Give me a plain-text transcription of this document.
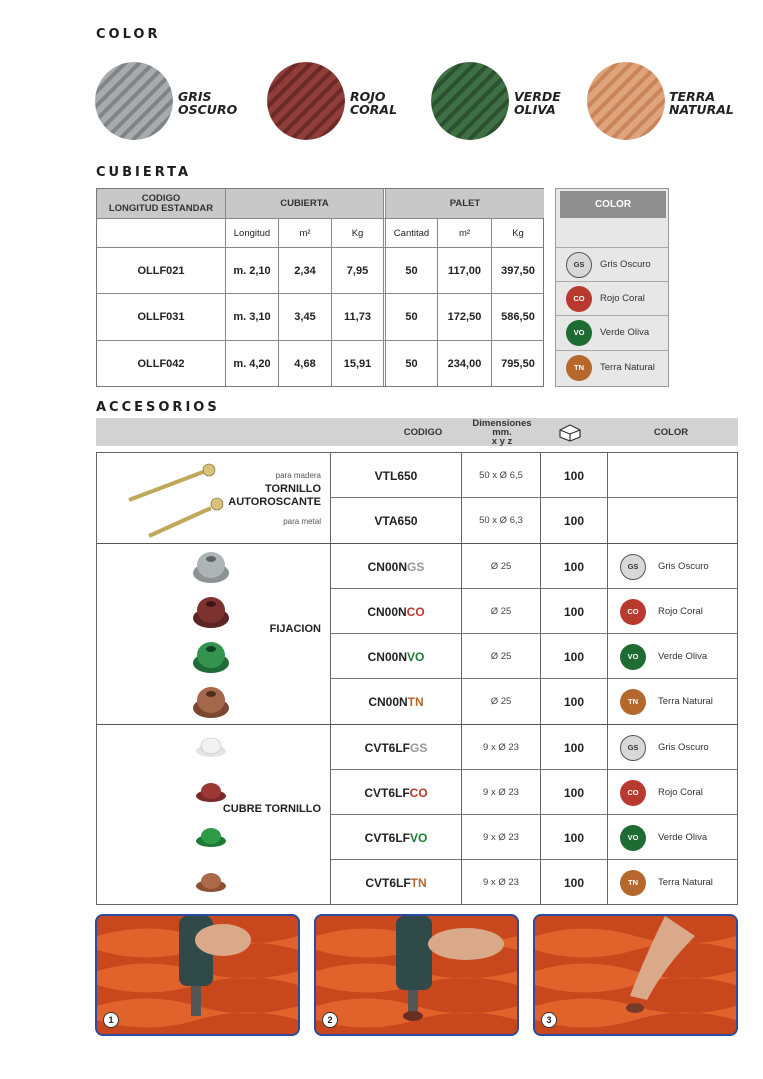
COLOR
GRIS
OSCURO
ROJO
CORAL
VERDE
OLIVA
TERRA
NATURAL
CUBIERTA
CODIGO
LONGITUD ESTANDAR	CUBIERTA	PALET
Longitud	m²	Kg	Cantitad	m²	Kg
OLLF021	m. 2,10	2,34	7,95	50	117,00	397,50
OLLF031	m. 3,10	3,45	11,73	50	172,50	586,50
OLLF042	m. 4,20	4,68	15,91	50	234,00	795,50
COLOR
GS	Gris Oscuro
CO	Rojo Coral
VO	Verde Oliva
TN	Terra Natural
ACCESORIOS
CODIGO
Dimensiones
mm.
x y z
COLOR
para madera
TORNILLO
AUTOROSCANTE
para metal
VTL650	50 x Ø 6,5	100
VTA650	50 x Ø 6,3	100
FIJACION
CN00N GS	Ø 25	100	GS	Gris Oscuro
CN00N CO	Ø 25	100	CO	Rojo Coral
CN00N VO	Ø 25	100	VO	Verde Oliva
CN00N TN	Ø 25	100	TN	Terra Natural
CUBRE TORNILLO
CVT6LF GS	9 x Ø 23	100	GS	Gris Oscuro
CVT6LF CO	9 x Ø 23	100	CO	Rojo Coral
CVT6LF VO	9 x Ø 23	100	VO	Verde Oliva
CVT6LF TN	9 x Ø 23	100	TN	Terra Natural
1	2	3
